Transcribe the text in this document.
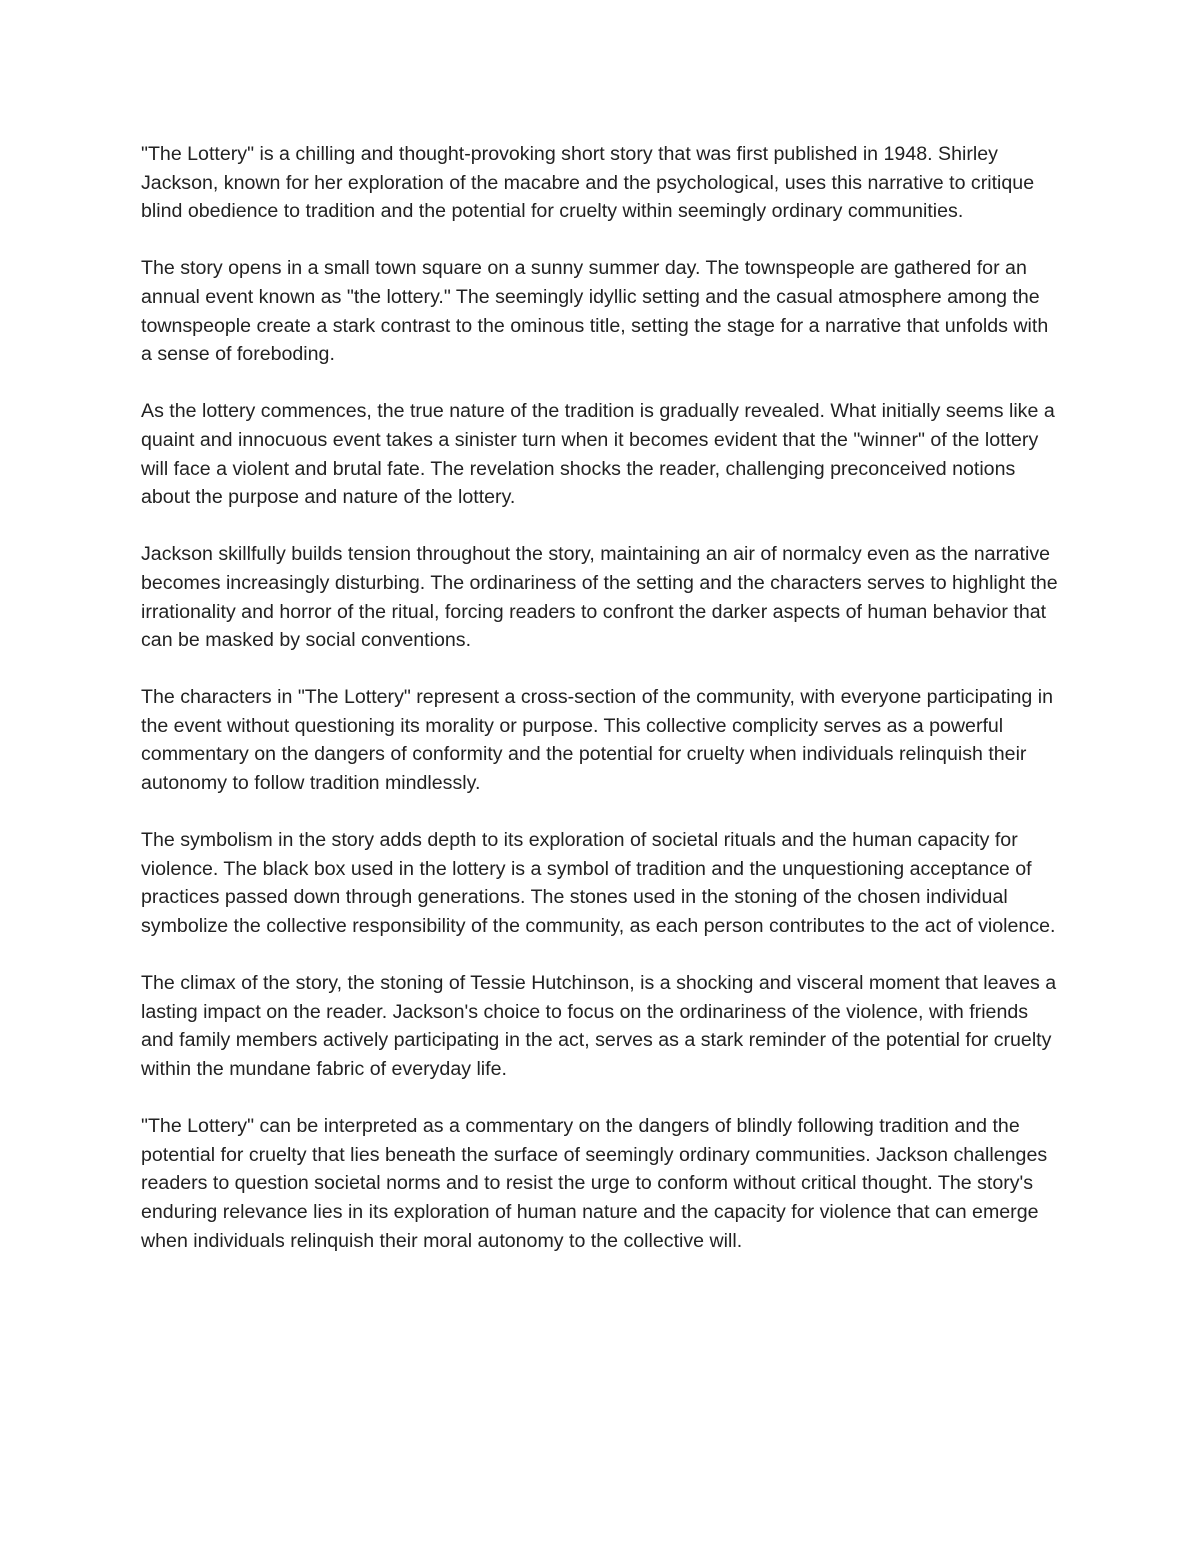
"The Lottery" is a chilling and thought-provoking short story that was first published in 1948. Shirley Jackson, known for her exploration of the macabre and the psychological, uses this narrative to critique blind obedience to tradition and the potential for cruelty within seemingly ordinary communities.

The story opens in a small town square on a sunny summer day. The townspeople are gathered for an annual event known as "the lottery." The seemingly idyllic setting and the casual atmosphere among the townspeople create a stark contrast to the ominous title, setting the stage for a narrative that unfolds with a sense of foreboding.

As the lottery commences, the true nature of the tradition is gradually revealed. What initially seems like a quaint and innocuous event takes a sinister turn when it becomes evident that the "winner" of the lottery will face a violent and brutal fate. The revelation shocks the reader, challenging preconceived notions about the purpose and nature of the lottery.

Jackson skillfully builds tension throughout the story, maintaining an air of normalcy even as the narrative becomes increasingly disturbing. The ordinariness of the setting and the characters serves to highlight the irrationality and horror of the ritual, forcing readers to confront the darker aspects of human behavior that can be masked by social conventions.

The characters in "The Lottery" represent a cross-section of the community, with everyone participating in the event without questioning its morality or purpose. This collective complicity serves as a powerful commentary on the dangers of conformity and the potential for cruelty when individuals relinquish their autonomy to follow tradition mindlessly.

The symbolism in the story adds depth to its exploration of societal rituals and the human capacity for violence. The black box used in the lottery is a symbol of tradition and the unquestioning acceptance of practices passed down through generations. The stones used in the stoning of the chosen individual symbolize the collective responsibility of the community, as each person contributes to the act of violence.

The climax of the story, the stoning of Tessie Hutchinson, is a shocking and visceral moment that leaves a lasting impact on the reader. Jackson's choice to focus on the ordinariness of the violence, with friends and family members actively participating in the act, serves as a stark reminder of the potential for cruelty within the mundane fabric of everyday life.

"The Lottery" can be interpreted as a commentary on the dangers of blindly following tradition and the potential for cruelty that lies beneath the surface of seemingly ordinary communities. Jackson challenges readers to question societal norms and to resist the urge to conform without critical thought. The story's enduring relevance lies in its exploration of human nature and the capacity for violence that can emerge when individuals relinquish their moral autonomy to the collective will.
